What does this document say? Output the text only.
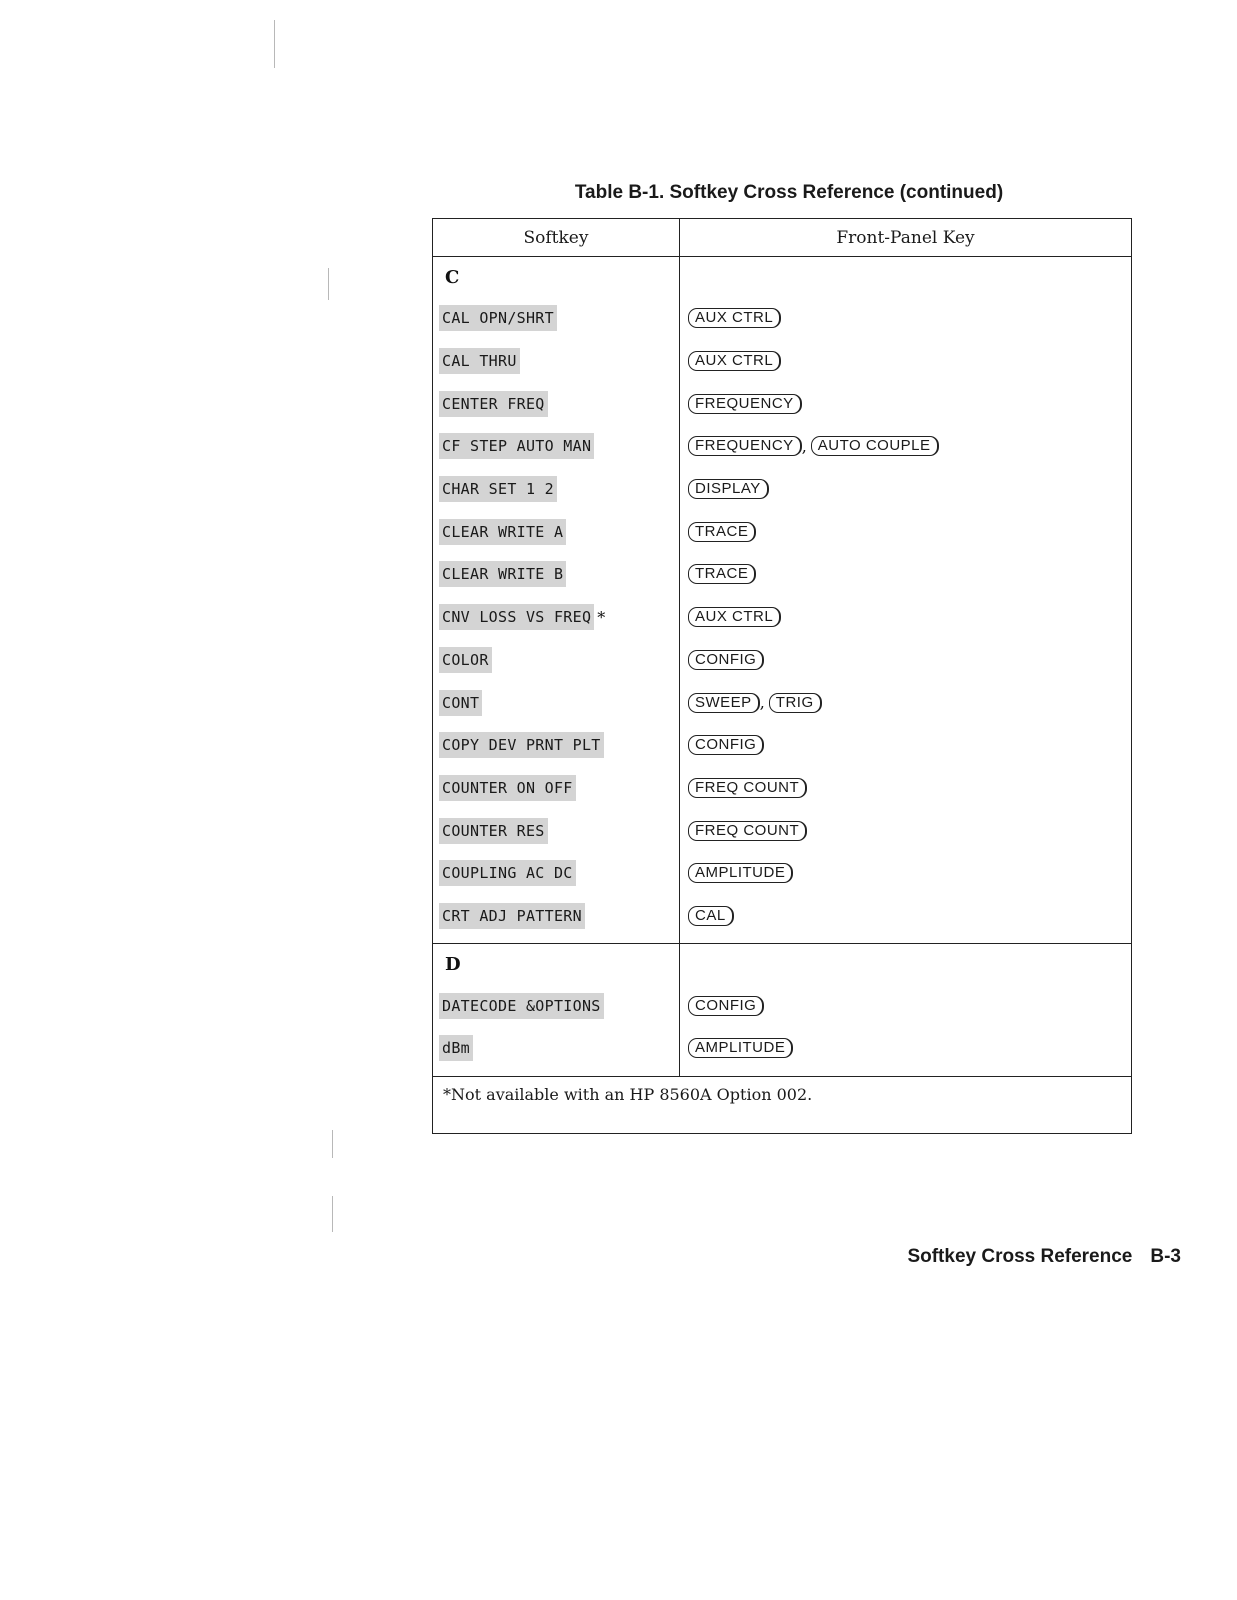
Table B-1. Softkey Cross Reference (continued)
Softkey	Front-Panel Key
C
CAL OPN/SHRT
CAL THRU
CENTER FREQ
CF STEP AUTO MAN
CHAR SET 1 2
CLEAR WRITE A
CLEAR WRITE B
CNV LOSS VS FREQ *
COLOR
CONT
COPY DEV PRNT PLT
COUNTER ON OFF
COUNTER RES
COUPLING AC DC
CRT ADJ PATTERN
AUX CTRL
AUX CTRL
FREQUENCY
FREQUENCY , AUTO COUPLE
DISPLAY
TRACE
TRACE
AUX CTRL
CONFIG
SWEEP , TRIG
CONFIG
FREQ COUNT
FREQ COUNT
AMPLITUDE
CAL
D
DATECODE &OPTIONS
dBm
CONFIG
AMPLITUDE
*Not available with an HP 8560A Option 002.
Softkey Cross Reference B-3
